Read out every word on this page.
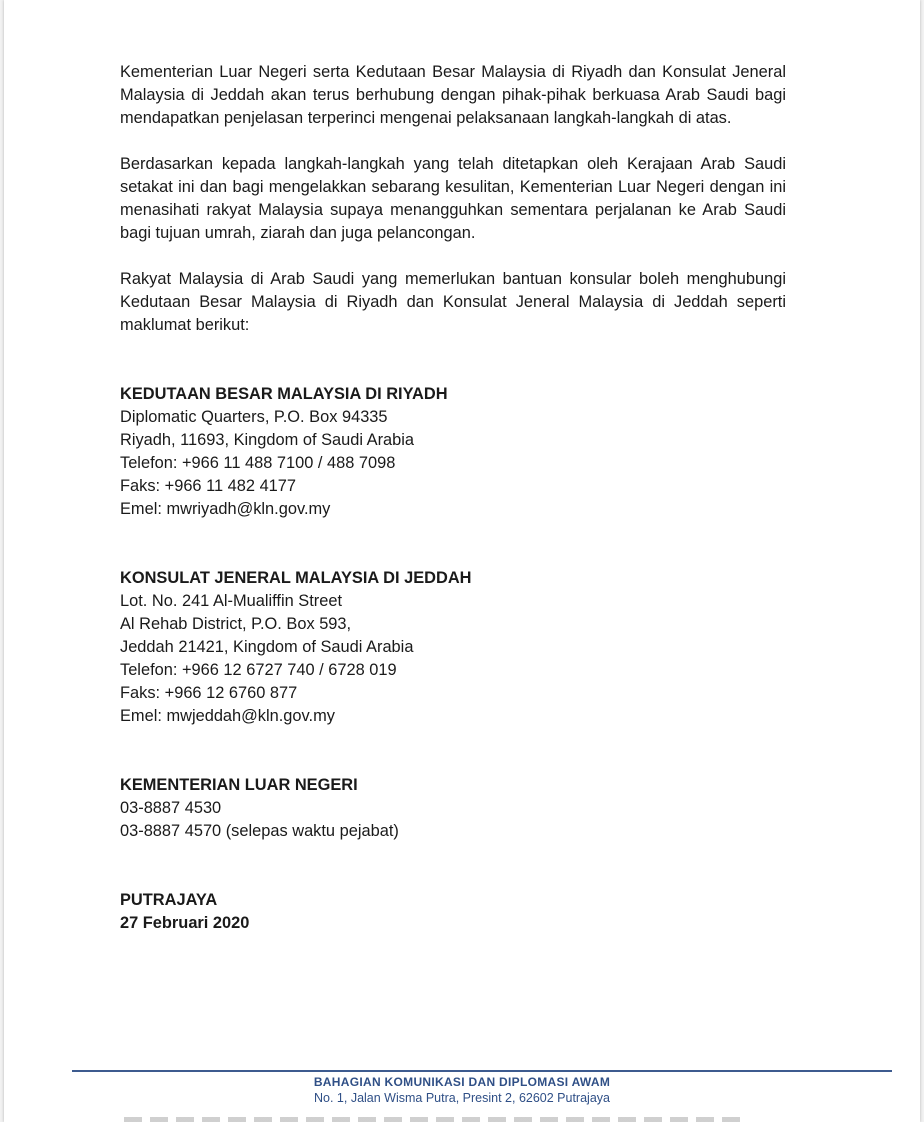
Kementerian Luar Negeri serta Kedutaan Besar Malaysia di Riyadh dan Konsulat Jeneral Malaysia di Jeddah akan terus berhubung dengan pihak-pihak berkuasa Arab Saudi bagi mendapatkan penjelasan terperinci mengenai pelaksanaan langkah-langkah di atas.

Berdasarkan kepada langkah-langkah yang telah ditetapkan oleh Kerajaan Arab Saudi setakat ini dan bagi mengelakkan sebarang kesulitan, Kementerian Luar Negeri dengan ini menasihati rakyat Malaysia supaya menangguhkan sementara perjalanan ke Arab Saudi bagi tujuan umrah, ziarah dan juga pelancongan.

Rakyat Malaysia di Arab Saudi yang memerlukan bantuan konsular boleh menghubungi Kedutaan Besar Malaysia di Riyadh dan Konsulat Jeneral Malaysia di Jeddah seperti maklumat berikut:

KEDUTAAN BESAR MALAYSIA DI RIYADH
Diplomatic Quarters, P.O. Box 94335
Riyadh, 11693, Kingdom of Saudi Arabia
Telefon: +966 11 488 7100 / 488 7098
Faks: +966 11 482 4177
Emel: mwriyadh@kln.gov.my
KONSULAT JENERAL MALAYSIA DI JEDDAH
Lot. No. 241 Al-Mualiffin Street
Al Rehab District, P.O. Box 593,
Jeddah 21421, Kingdom of Saudi Arabia
Telefon: +966 12 6727 740 / 6728 019
Faks: +966 12 6760 877
Emel: mwjeddah@kln.gov.my
KEMENTERIAN LUAR NEGERI
03-8887 4530
03-8887 4570 (selepas waktu pejabat)
PUTRAJAYA
27 Februari 2020
BAHAGIAN KOMUNIKASI DAN DIPLOMASI AWAM
No. 1, Jalan Wisma Putra, Presint 2, 62602 Putrajaya
